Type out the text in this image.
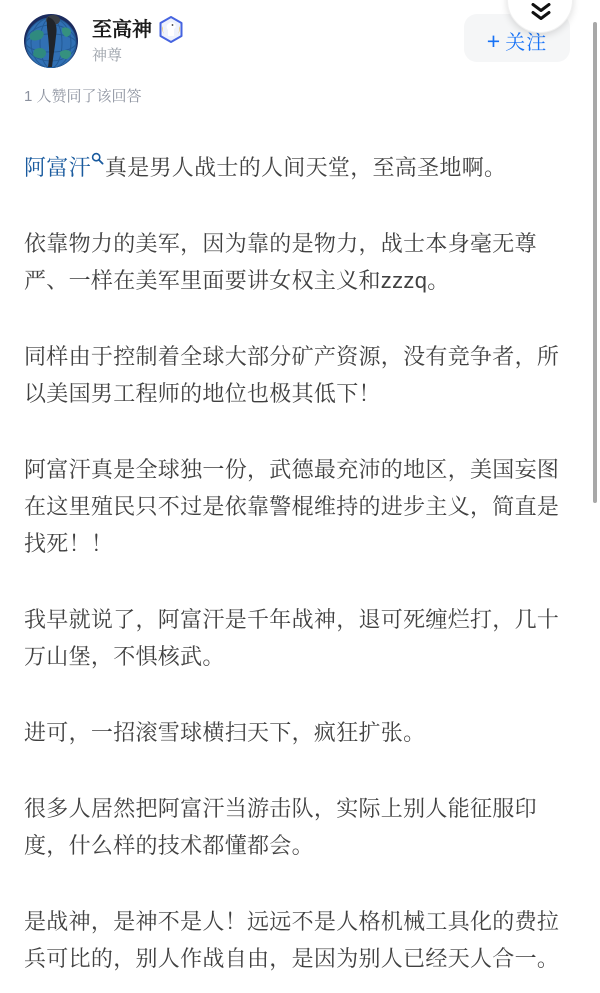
至高神
神尊
+ 关注
1 人赞同了该回答

阿富汗 真是男人战士的人间天堂，至高圣地啊。

依靠物力的美军，因为靠的是物力，战士本身毫无尊严、一样在美军里面要讲女权主义和zzzq。

同样由于控制着全球大部分矿产资源，没有竞争者，所以美国男工程师的地位也极其低下！

阿富汗真是全球独一份，武德最充沛的地区，美国妄图在这里殖民只不过是依靠警棍维持的进步主义，简直是找死！！

我早就说了，阿富汗是千年战神，退可死缠烂打，几十万山堡，不惧核武。

进可，一招滚雪球横扫天下，疯狂扩张。

很多人居然把阿富汗当游击队，实际上别人能征服印度，什么样的技术都懂都会。

是战神，是神不是人！远远不是人格机械工具化的费拉兵可比的，别人作战自由，是因为别人已经天人合一。
